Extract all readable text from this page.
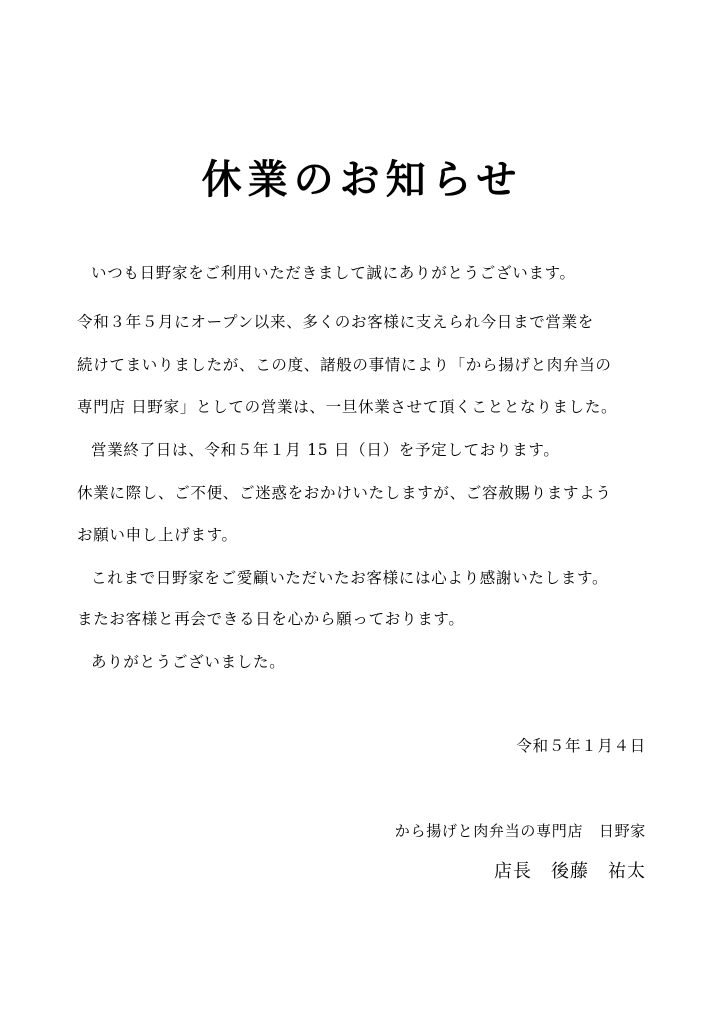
休業のお知らせ
いつも日野家をご利用いただきまして誠にありがとうございます。
令和３年５月にオープン以来、多くのお客様に支えられ今日まで営業を
続けてまいりましたが、この度、諸般の事情により「から揚げと肉弁当の
専門店 日野家」としての営業は、一旦休業させて頂くこととなりました。
営業終了日は、令和５年１月 15 日（日）を予定しております。
休業に際し、ご不便、ご迷惑をおかけいたしますが、ご容赦賜りますよう
お願い申し上げます。
これまで日野家をご愛顧いただいたお客様には心より感謝いたします。
またお客様と再会できる日を心から願っております。
ありがとうございました。
令和５年１月４日
から揚げと肉弁当の専門店　日野家
店長　後藤　祐太
